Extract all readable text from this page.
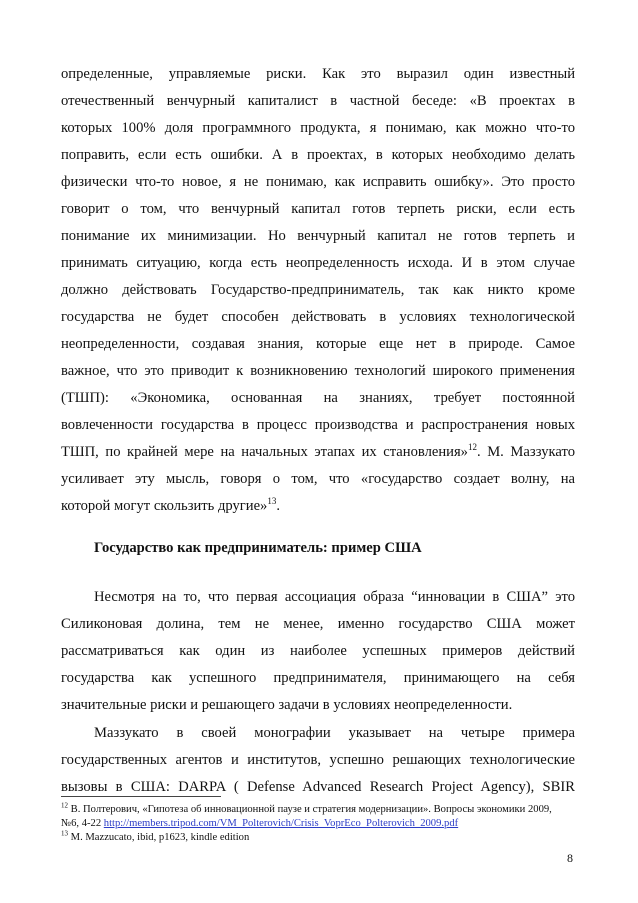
определенные, управляемые риски. Как это выразил один известный
отечественный венчурный капиталист в частной беседе: «В проектах в
которых 100% доля программного продукта, я понимаю, как можно что-то
поправить, если есть ошибки. А в проектах, в которых необходимо делать
физически что-то новое, я не понимаю, как исправить ошибку». Это просто
говорит о том, что венчурный капитал готов терпеть риски, если есть
понимание их минимизации. Но венчурный капитал не готов терпеть и
принимать ситуацию, когда есть неопределенность исхода. И в этом случае
должно действовать Государство-предприниматель, так как никто кроме
государства не будет способен действовать в условиях технологической
неопределенности, создавая знания, которые еще нет в природе. Самое
важное, что это приводит к возникновению технологий широкого применения
(ТШП): «Экономика, основанная на знаниях, требует постоянной
вовлеченности государства в процесс производства и распространения новых
ТШП, по крайней мере на начальных этапах их становления»$^{12}$. М. Маззукато
усиливает эту мысль, говоря о том, что «государство создает волну, на
которой могут скользить другие»$^{13}$.
Государство как предприниматель: пример США
Несмотря на то, что первая ассоциация образа “инновации в США” это
Силиконовая долина, тем не менее, именно государство США может
рассматриваться как один из наиболее успешных примеров действий
государства как успешного предпринимателя, принимающего на себя
значительные риски и решающего задачи в условиях неопределенности.
Маззукато в своей монографии указывает на четыре примера
государственных агентов и институтов, успешно решающих технологические
вызовы в США: DARPA ( Defense Advanced Research Project Agency), SBIR
$^{12}$ В. Полтерович, «Гипотеза об инновационной паузе и стратегия модернизации». Вопросы экономики 2009,
№6, 4-22 http://members.tripod.com/VM_Polterovich/Crisis_VoprEco_Polterovich_2009.pdf
$^{13}$ M. Mazzucato, ibid, p1623, kindle edition
8
